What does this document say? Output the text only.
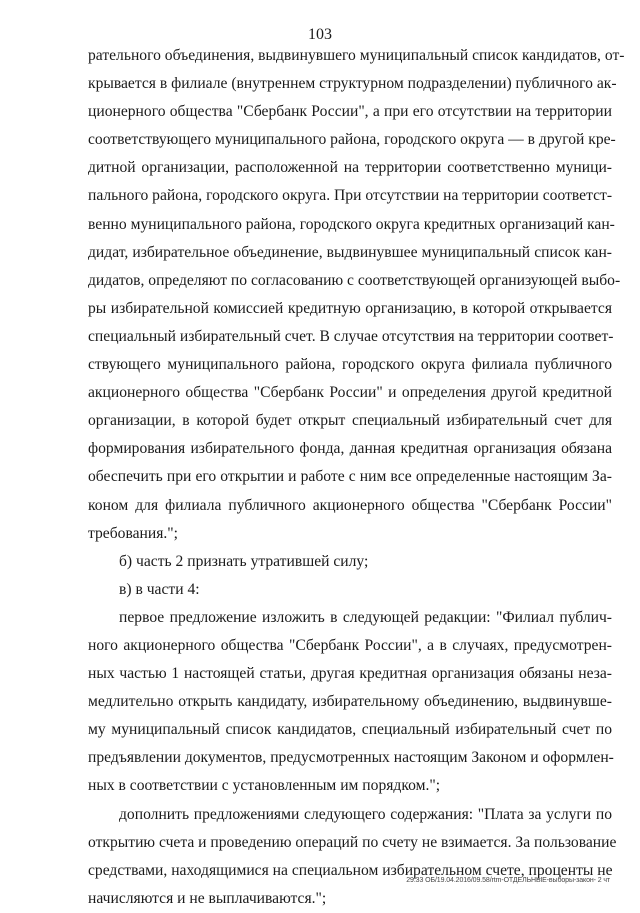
103
рательного объединения, выдвинувшего муниципальный список кандидатов, от-
крывается в филиале (внутреннем структурном подразделении) публичного ак-
ционерного общества "Сбербанк России", а при его отсутствии на территории
соответствующего муниципального района, городского округа — в другой кре-
дитной организации, расположенной на территории соответственно муници-
пального района, городского округа. При отсутствии на территории соответст-
венно муниципального района, городского округа кредитных организаций кан-
дидат, избирательное объединение, выдвинувшее муниципальный список кан-
дидатов, определяют по согласованию с соответствующей организующей выбо-
ры избирательной комиссией кредитную организацию, в которой открывается
специальный избирательный счет. В случае отсутствия на территории соответ-
ствующего муниципального района, городского округа филиала публичного
акционерного общества "Сбербанк России" и определения другой кредитной
организации, в которой будет открыт специальный избирательный счет для
формирования избирательного фонда, данная кредитная организация обязана
обеспечить при его открытии и работе с ним все определенные настоящим За-
коном для филиала публичного акционерного общества "Сбербанк России"
требования.";
б) часть 2 признать утратившей силу;
в) в части 4:
первое предложение изложить в следующей редакции: "Филиал публич-
ного акционерного общества "Сбербанк России", а в случаях, предусмотрен-
ных частью 1 настоящей статьи, другая кредитная организация обязаны неза-
медлительно открыть кандидату, избирательному объединению, выдвинувше-
му муниципальный список кандидатов, специальный избирательный счет по
предъявлении документов, предусмотренных настоящим Законом и оформлен-
ных в соответствии с установленным им порядком.";
дополнить предложениями следующего содержания: "Плата за услуги по
открытию счета и проведению операций по счету не взимается. За пользование
средствами, находящимися на специальном избирательном счете, проценты не
начисляются и не выплачиваются.";
29.33 ОБ/19.04.2016/09.58/rtm-ОТДЕЛЬНЫЕ-выборы-закон- 2 чт
